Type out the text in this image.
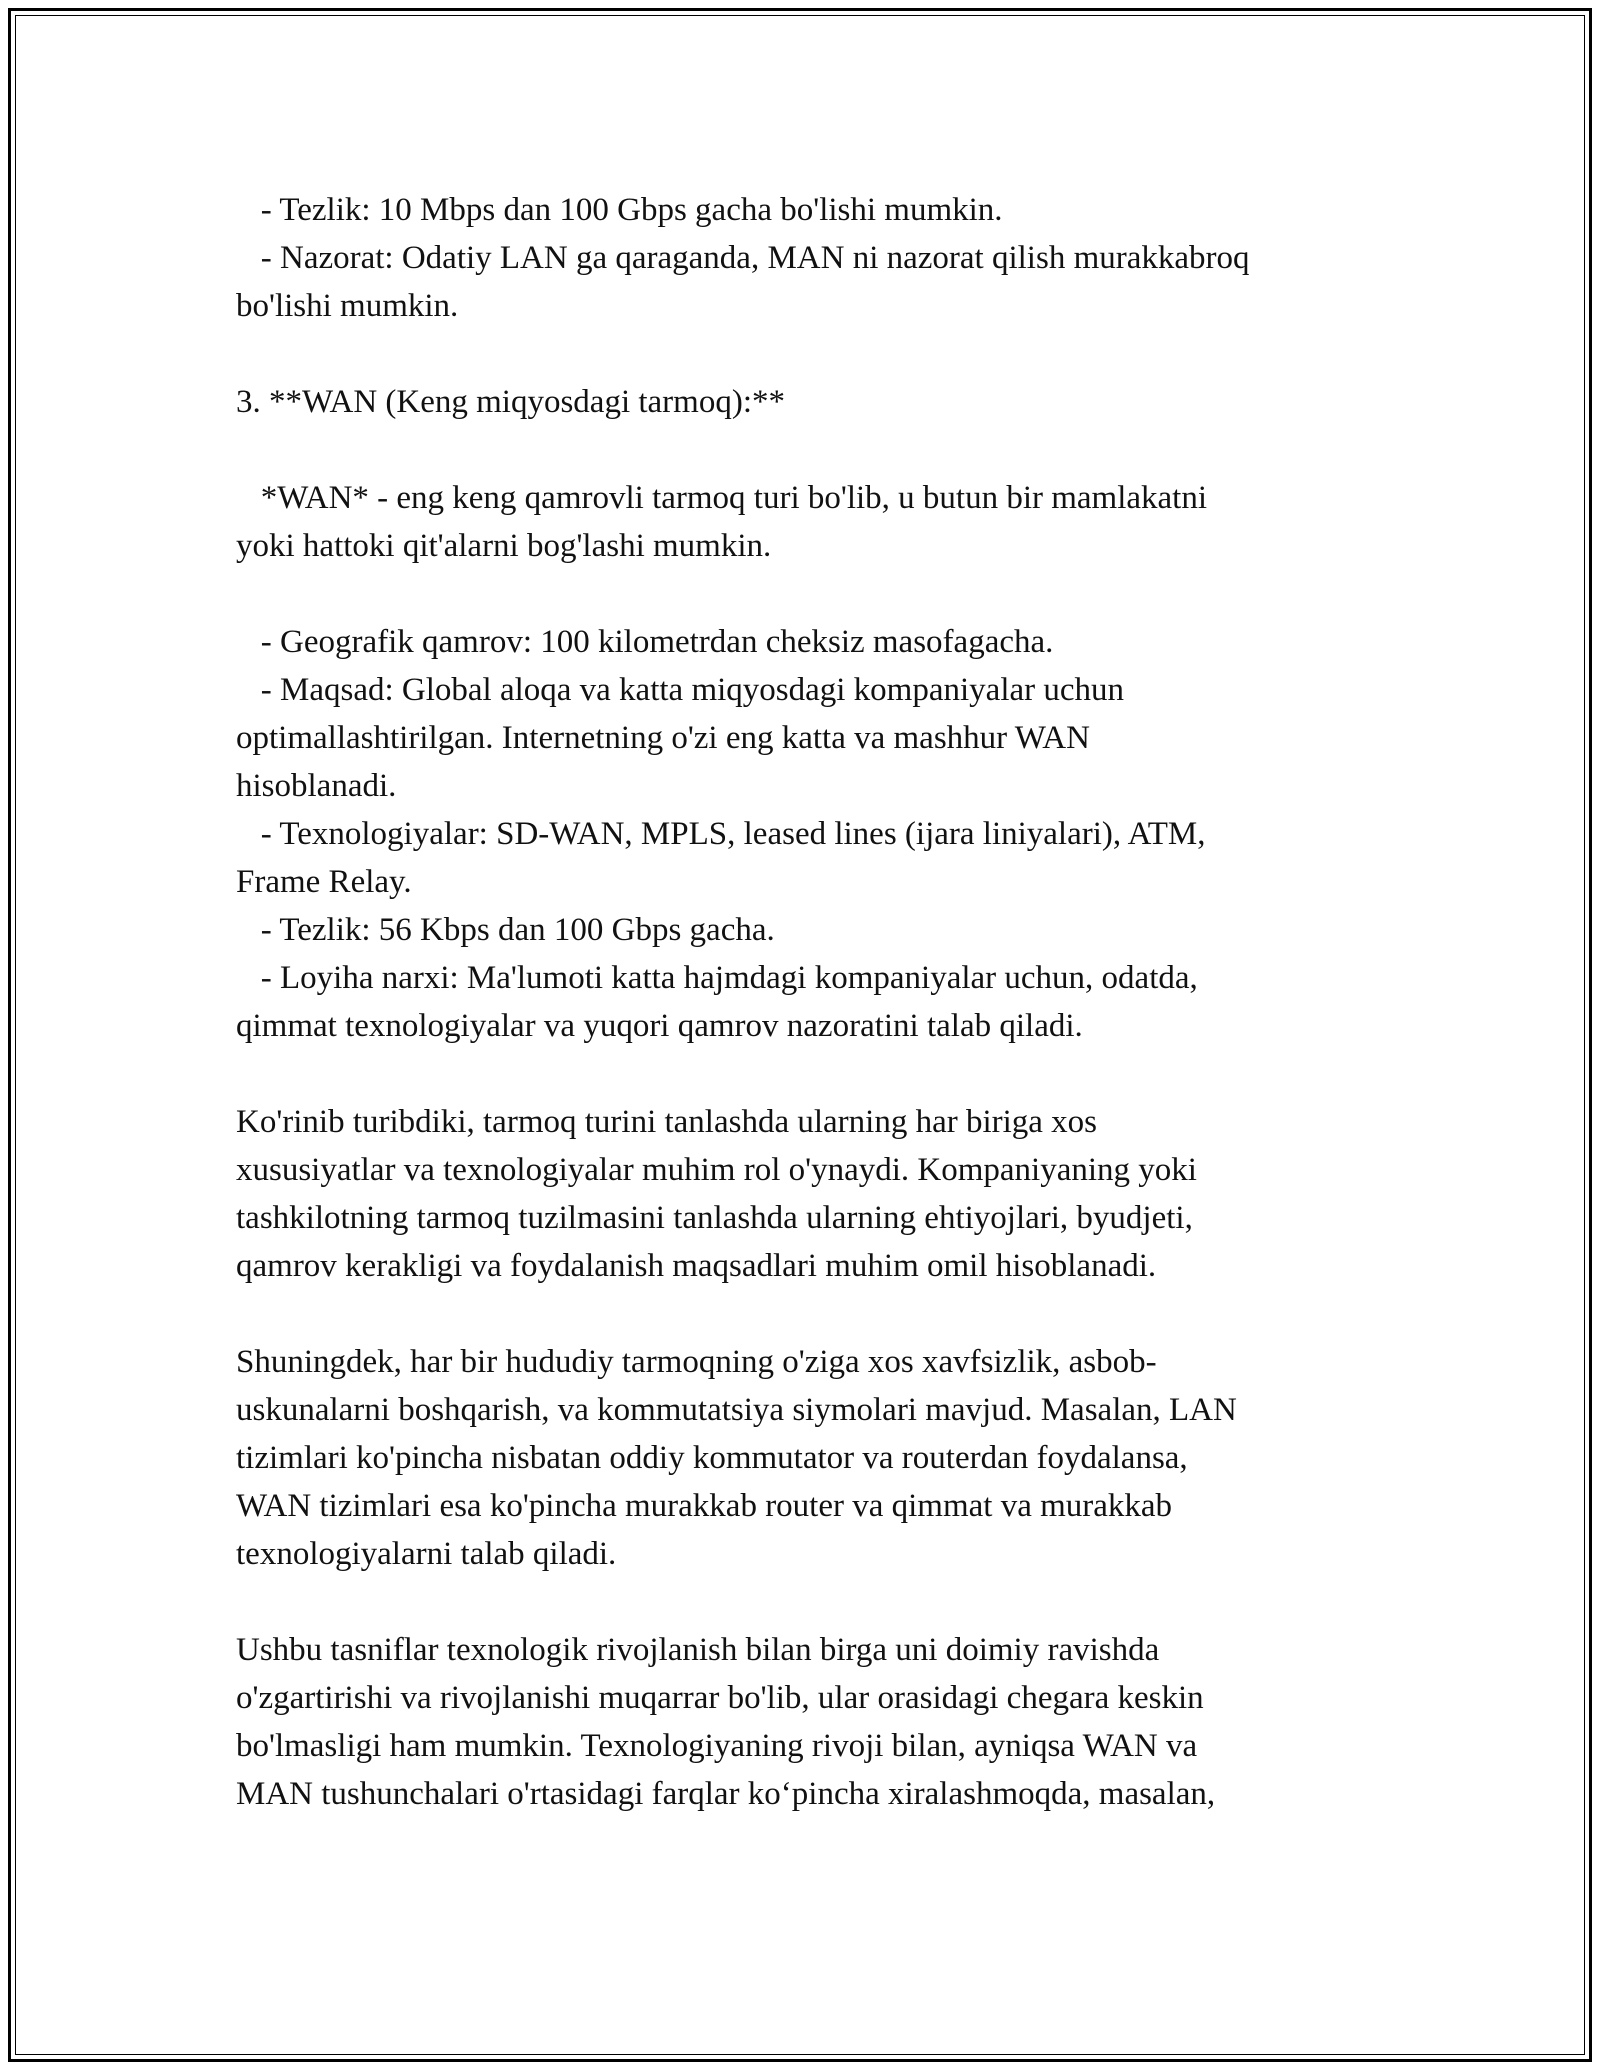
- Tezlik: 10 Mbps dan 100 Gbps gacha bo'lishi mumkin.
- Nazorat: Odatiy LAN ga qaraganda, MAN ni nazorat qilish murakkabroq
bo'lishi mumkin.
3. **WAN (Keng miqyosdagi tarmoq):**
*WAN* - eng keng qamrovli tarmoq turi bo'lib, u butun bir mamlakatni
yoki hattoki qit'alarni bog'lashi mumkin.
- Geografik qamrov: 100 kilometrdan cheksiz masofagacha.
- Maqsad: Global aloqa va katta miqyosdagi kompaniyalar uchun
optimallashtirilgan. Internetning o'zi eng katta va mashhur WAN
hisoblanadi.
- Texnologiyalar: SD-WAN, MPLS, leased lines (ijara liniyalari), ATM,
Frame Relay.
- Tezlik: 56 Kbps dan 100 Gbps gacha.
- Loyiha narxi: Ma'lumoti katta hajmdagi kompaniyalar uchun, odatda,
qimmat texnologiyalar va yuqori qamrov nazoratini talab qiladi.
Ko'rinib turibdiki, tarmoq turini tanlashda ularning har biriga xos
xususiyatlar va texnologiyalar muhim rol o'ynaydi. Kompaniyaning yoki
tashkilotning tarmoq tuzilmasini tanlashda ularning ehtiyojlari, byudjeti,
qamrov kerakligi va foydalanish maqsadlari muhim omil hisoblanadi.
Shuningdek, har bir hududiy tarmoqning o'ziga xos xavfsizlik, asbob-
uskunalarni boshqarish, va kommutatsiya siymolari mavjud. Masalan, LAN
tizimlari ko'pincha nisbatan oddiy kommutator va routerdan foydalansa,
WAN tizimlari esa ko'pincha murakkab router va qimmat va murakkab
texnologiyalarni talab qiladi.
Ushbu tasniflar texnologik rivojlanish bilan birga uni doimiy ravishda
o'zgartirishi va rivojlanishi muqarrar bo'lib, ular orasidagi chegara keskin
bo'lmasligi ham mumkin. Texnologiyaning rivoji bilan, ayniqsa WAN va
MAN tushunchalari o'rtasidagi farqlar ko‘pincha xiralashmoqda, masalan,
